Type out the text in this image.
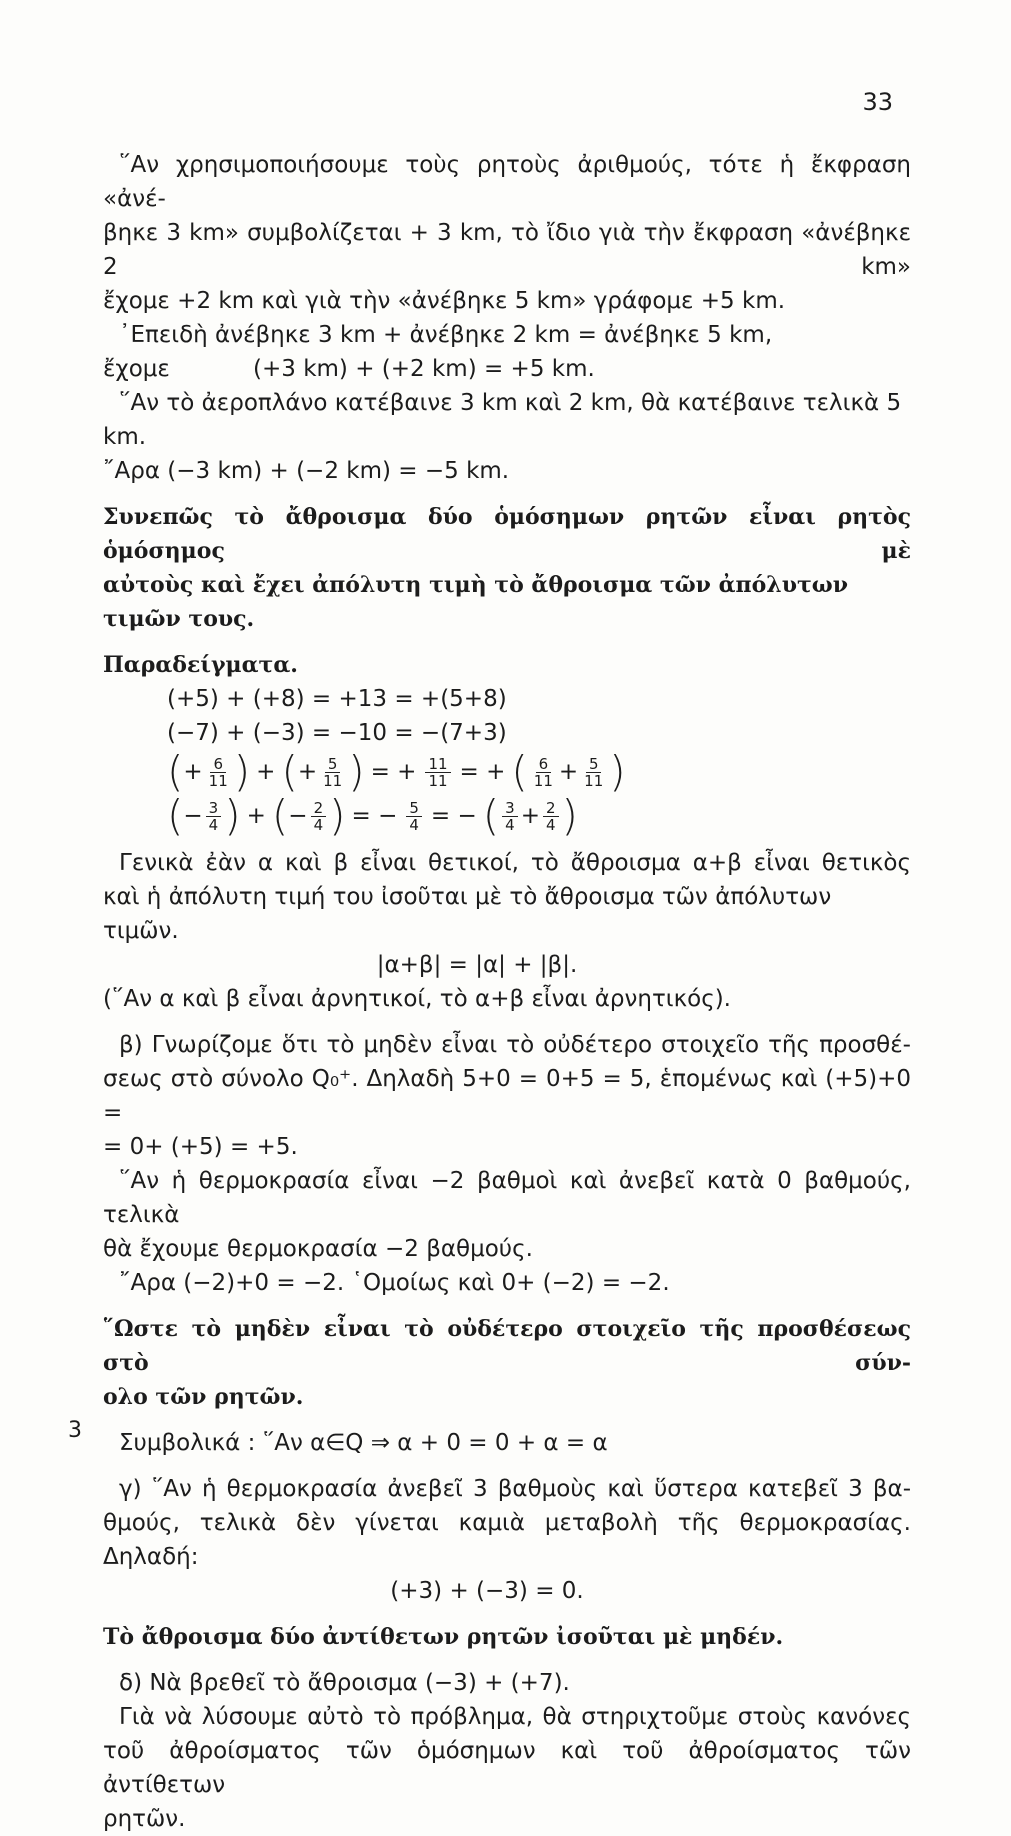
33

῞Αν χρησιμοποιήσουμε τοὺς ρητοὺς ἀριθμούς, τότε ἡ ἔκφραση «ἀνέ-

βηκε 3 km» συμβολίζεται + 3 km, τὸ ἴδιο γιὰ τὴν ἔκφραση «ἀνέβηκε 2 km»

ἔχομε +2 km καὶ γιὰ τὴν «ἀνέβηκε 5 km» γράφομε +5 km.

᾿Επειδὴ ἀνέβηκε 3 km + ἀνέβηκε 2 km = ἀνέβηκε 5 km,

ἔχομε	(+3 km) + (+2 km) = +5 km.

῞Αν τὸ ἀεροπλάνο κατέβαινε 3 km καὶ 2 km, θὰ κατέβαινε τελικὰ 5 km.

῎Αρα (−3 km) + (−2 km) = −5 km.

Συνεπῶς τὸ ἄθροισμα δύο ὁμόσημων ρητῶν εἶναι ρητὸς ὁμόσημος μὲ

αὐτοὺς καὶ ἔχει ἀπόλυτη τιμὴ τὸ ἄθροισμα τῶν ἀπόλυτων τιμῶν τους.

Παραδείγματα.

(+5) + (+8) = +13 = +(5+8)

(−7) + (−3) = −10 = −(7+3)

( + $\frac{6}{11}$ ) + ( + $\frac{5}{11}$ ) = + $\frac{11}{11}$ = + ( $\frac{6}{11} + \frac{5}{11}$ )
( − $\frac{3}{4}$ ) + ( − $\frac{2}{4}$ ) = − $\frac{5}{4}$ = − ( $\frac{3}{4} + \frac{2}{4}$ )

Γενικὰ ἐὰν α καὶ β εἶναι θετικοί, τὸ ἄθροισμα α+β εἶναι θετικὸς

καὶ ἡ ἀπόλυτη τιμή του ἰσοῦται μὲ τὸ ἄθροισμα τῶν ἀπόλυτων τιμῶν.

|α+β| = |α| + |β|.

(῞Αν α καὶ β εἶναι ἀρνητικοί, τὸ α+β εἶναι ἀρνητικός).

β) Γνωρίζομε ὅτι τὸ μηδὲν εἶναι τὸ οὐδέτερο στοιχεῖο τῆς προσθέ-

σεως στὸ σύνολο Q₀⁺. Δηλαδὴ 5+0 = 0+5 = 5, ἑπομένως καὶ (+5)+0 =

= 0+ (+5) = +5.

῞Αν ἡ θερμοκρασία εἶναι −2 βαθμοὶ καὶ ἀνεβεῖ κατὰ 0 βαθμούς, τελικὰ

θὰ ἔχουμε θερμοκρασία −2 βαθμούς.

῎Αρα (−2)+0 = −2. ῾Ομοίως καὶ 0+ (−2) = −2.

῞Ωστε τὸ μηδὲν εἶναι τὸ οὐδέτερο στοιχεῖο τῆς προσθέσεως στὸ σύν-

ολο τῶν ρητῶν.

Συμβολικά : ῞Αν α∈Q ⇒ α + 0 = 0 + α = α

γ) ῞Αν ἡ θερμοκρασία ἀνεβεῖ 3 βαθμοὺς καὶ ὕστερα κατεβεῖ 3 βα-

θμούς, τελικὰ δὲν γίνεται καμιὰ μεταβολὴ τῆς θερμοκρασίας. Δηλαδή:

(+3) + (−3) = 0.

Τὸ ἄθροισμα δύο ἀντίθετων ρητῶν ἰσοῦται μὲ μηδέν.

δ) Νὰ βρεθεῖ τὸ ἄθροισμα (−3) + (+7).

Γιὰ νὰ λύσουμε αὐτὸ τὸ πρόβλημα, θὰ στηριχτοῦμε στοὺς κανόνες

τοῦ ἀθροίσματος τῶν ὁμόσημων καὶ τοῦ ἀθροίσματος τῶν ἀντίθετων

ρητῶν.

3
